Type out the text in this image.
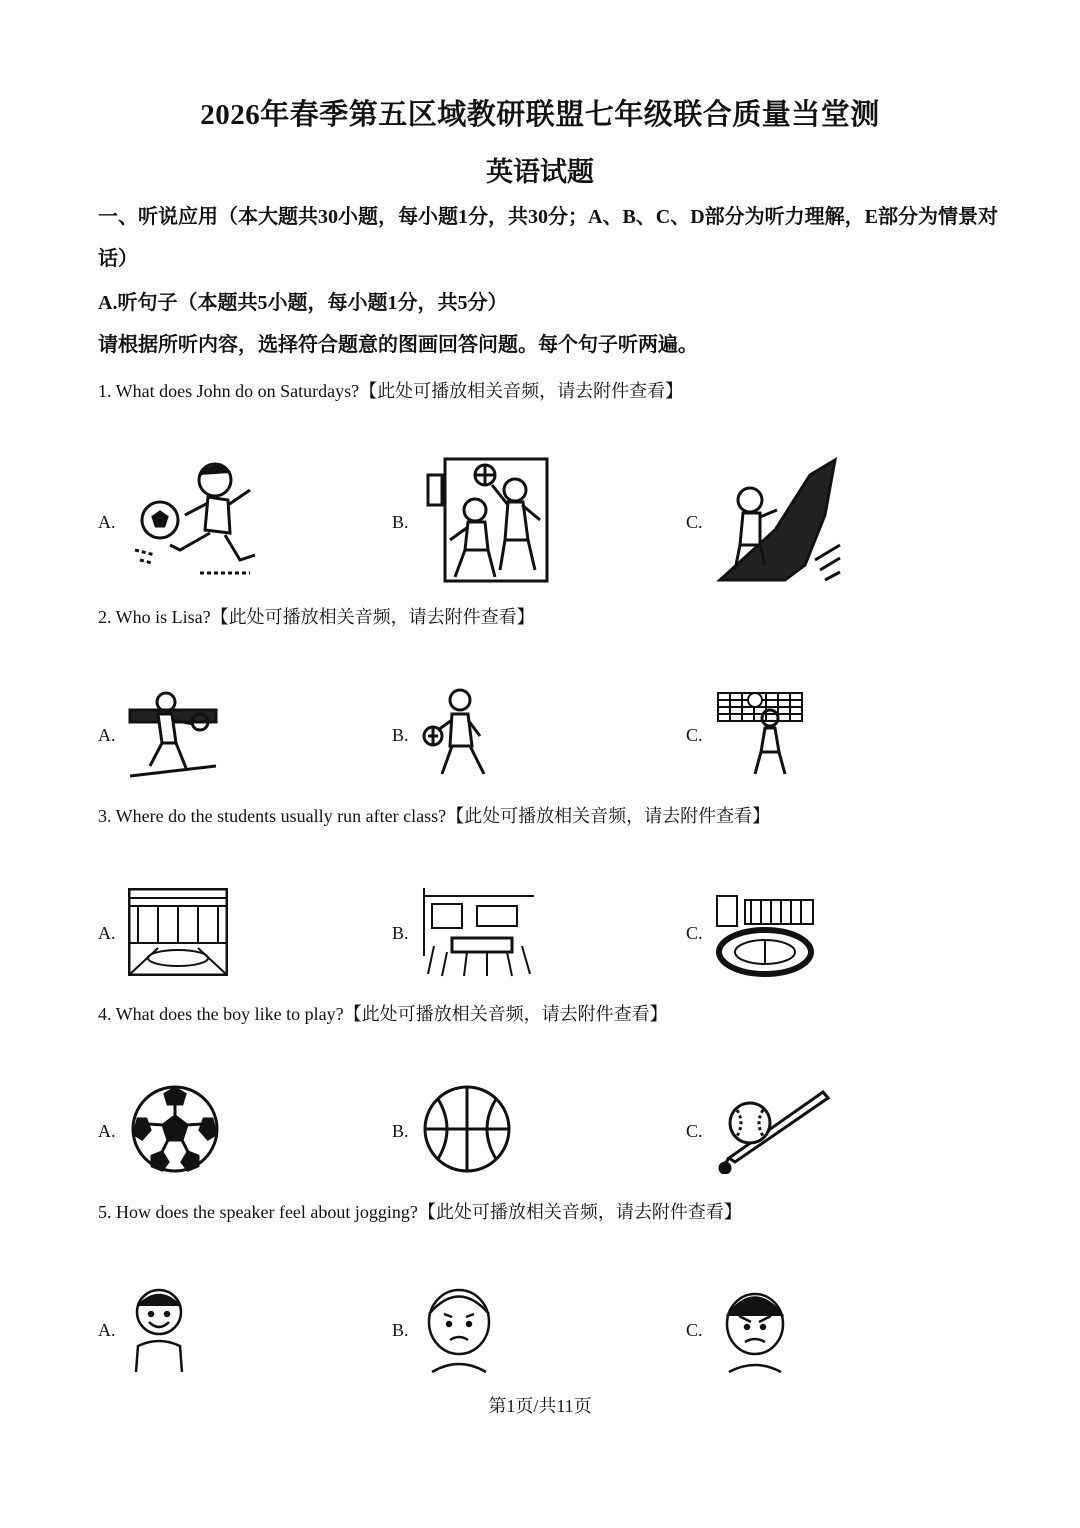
2026年春季第五区域教研联盟七年级联合质量当堂测
英语试题
一、听说应用（本大题共30小题，每小题1分，共30分；A、B、C、D部分为听力理解，E部分为情景对话）
A.听句子（本题共5小题，每小题1分，共5分）
请根据所听内容，选择符合题意的图画回答问题。每个句子听两遍。
1. What does John do on Saturdays?【此处可播放相关音频，请去附件查看】
A.	B.	C.
2. Who is Lisa?【此处可播放相关音频，请去附件查看】
A.	B.	C.
3. Where do the students usually run after class?【此处可播放相关音频，请去附件查看】
A.	B.	C.
4. What does the boy like to play?【此处可播放相关音频，请去附件查看】
A.	B.	C.
5. How does the speaker feel about jogging?【此处可播放相关音频，请去附件查看】
A.	B.	C.
第1页/共11页
